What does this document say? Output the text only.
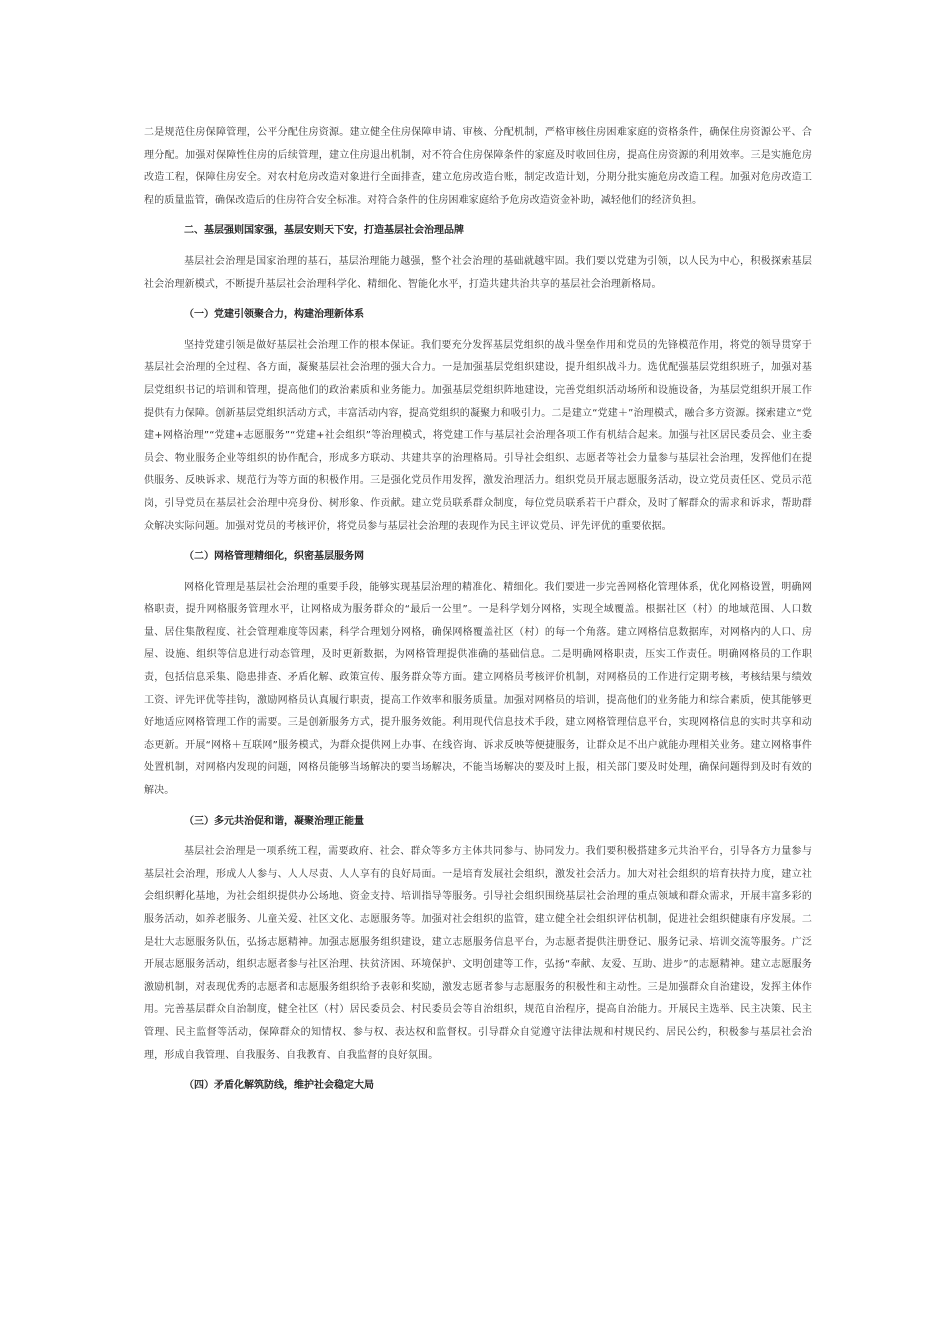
二是规范住房保障管理，公平分配住房资源。建立健全住房保障申请、审核、分配机制，严格审核住房困难家庭的资格条件，确保住房资源公平、合理分配。加强对保障性住房的后续管理，建立住房退出机制，对不符合住房保障条件的家庭及时收回住房，提高住房资源的利用效率。三是实施危房改造工程，保障住房安全。对农村危房改造对象进行全面排查，建立危房改造台账，制定改造计划，分期分批实施危房改造工程。加强对危房改造工程的质量监管，确保改造后的住房符合安全标准。对符合条件的住房困难家庭给予危房改造资金补助，减轻他们的经济负担。

二、基层强则国家强，基层安则天下安，打造基层社会治理品牌

基层社会治理是国家治理的基石，基层治理能力越强，整个社会治理的基础就越牢固。我们要以党建为引领，以人民为中心，积极探索基层社会治理新模式，不断提升基层社会治理科学化、精细化、智能化水平，打造共建共治共享的基层社会治理新格局。

（一）党建引领聚合力，构建治理新体系

坚持党建引领是做好基层社会治理工作的根本保证。我们要充分发挥基层党组织的战斗堡垒作用和党员的先锋模范作用，将党的领导贯穿于基层社会治理的全过程、各方面，凝聚基层社会治理的强大合力。一是加强基层党组织建设，提升组织战斗力。选优配强基层党组织班子，加强对基层党组织书记的培训和管理，提高他们的政治素质和业务能力。加强基层党组织阵地建设，完善党组织活动场所和设施设备，为基层党组织开展工作提供有力保障。创新基层党组织活动方式，丰富活动内容，提高党组织的凝聚力和吸引力。二是建立“党建＋”治理模式，融合多方资源。探索建立“党建+网格治理”“党建+志愿服务”“党建+社会组织”等治理模式，将党建工作与基层社会治理各项工作有机结合起来。加强与社区居民委员会、业主委员会、物业服务企业等组织的协作配合，形成多方联动、共建共享的治理格局。引导社会组织、志愿者等社会力量参与基层社会治理，发挥他们在提供服务、反映诉求、规范行为等方面的积极作用。三是强化党员作用发挥，激发治理活力。组织党员开展志愿服务活动，设立党员责任区、党员示范岗，引导党员在基层社会治理中亮身份、树形象、作贡献。建立党员联系群众制度，每位党员联系若干户群众，及时了解群众的需求和诉求，帮助群众解决实际问题。加强对党员的考核评价，将党员参与基层社会治理的表现作为民主评议党员、评先评优的重要依据。

（二）网格管理精细化，织密基层服务网

网格化管理是基层社会治理的重要手段，能够实现基层治理的精准化、精细化。我们要进一步完善网格化管理体系，优化网格设置，明确网格职责，提升网格服务管理水平，让网格成为服务群众的“最后一公里”。一是科学划分网格，实现全域覆盖。根据社区（村）的地域范围、人口数量、居住集散程度、社会管理难度等因素，科学合理划分网格，确保网格覆盖社区（村）的每一个角落。建立网格信息数据库，对网格内的人口、房屋、设施、组织等信息进行动态管理，及时更新数据，为网格管理提供准确的基础信息。二是明确网格职责，压实工作责任。明确网格员的工作职责，包括信息采集、隐患排查、矛盾化解、政策宣传、服务群众等方面。建立网格员考核评价机制，对网格员的工作进行定期考核，考核结果与绩效工资、评先评优等挂钩，激励网格员认真履行职责，提高工作效率和服务质量。加强对网格员的培训，提高他们的业务能力和综合素质，使其能够更好地适应网格管理工作的需要。三是创新服务方式，提升服务效能。利用现代信息技术手段，建立网格管理信息平台，实现网格信息的实时共享和动态更新。开展“网格＋互联网”服务模式，为群众提供网上办事、在线咨询、诉求反映等便捷服务，让群众足不出户就能办理相关业务。建立网格事件处置机制，对网格内发现的问题，网格员能够当场解决的要当场解决，不能当场解决的要及时上报，相关部门要及时处理，确保问题得到及时有效的解决。

（三）多元共治促和谐，凝聚治理正能量

基层社会治理是一项系统工程，需要政府、社会、群众等多方主体共同参与、协同发力。我们要积极搭建多元共治平台，引导各方力量参与基层社会治理，形成人人参与、人人尽责、人人享有的良好局面。一是培育发展社会组织，激发社会活力。加大对社会组织的培育扶持力度，建立社会组织孵化基地，为社会组织提供办公场地、资金支持、培训指导等服务。引导社会组织围绕基层社会治理的重点领域和群众需求，开展丰富多彩的服务活动，如养老服务、儿童关爱、社区文化、志愿服务等。加强对社会组织的监管，建立健全社会组织评估机制，促进社会组织健康有序发展。二是壮大志愿服务队伍，弘扬志愿精神。加强志愿服务组织建设，建立志愿服务信息平台，为志愿者提供注册登记、服务记录、培训交流等服务。广泛开展志愿服务活动，组织志愿者参与社区治理、扶贫济困、环境保护、文明创建等工作，弘扬“奉献、友爱、互助、进步”的志愿精神。建立志愿服务激励机制，对表现优秀的志愿者和志愿服务组织给予表彰和奖励，激发志愿者参与志愿服务的积极性和主动性。三是加强群众自治建设，发挥主体作用。完善基层群众自治制度，健全社区（村）居民委员会、村民委员会等自治组织，规范自治程序，提高自治能力。开展民主选举、民主决策、民主管理、民主监督等活动，保障群众的知情权、参与权、表达权和监督权。引导群众自觉遵守法律法规和村规民约、居民公约，积极参与基层社会治理，形成自我管理、自我服务、自我教育、自我监督的良好氛围。

（四）矛盾化解筑防线，维护社会稳定大局
